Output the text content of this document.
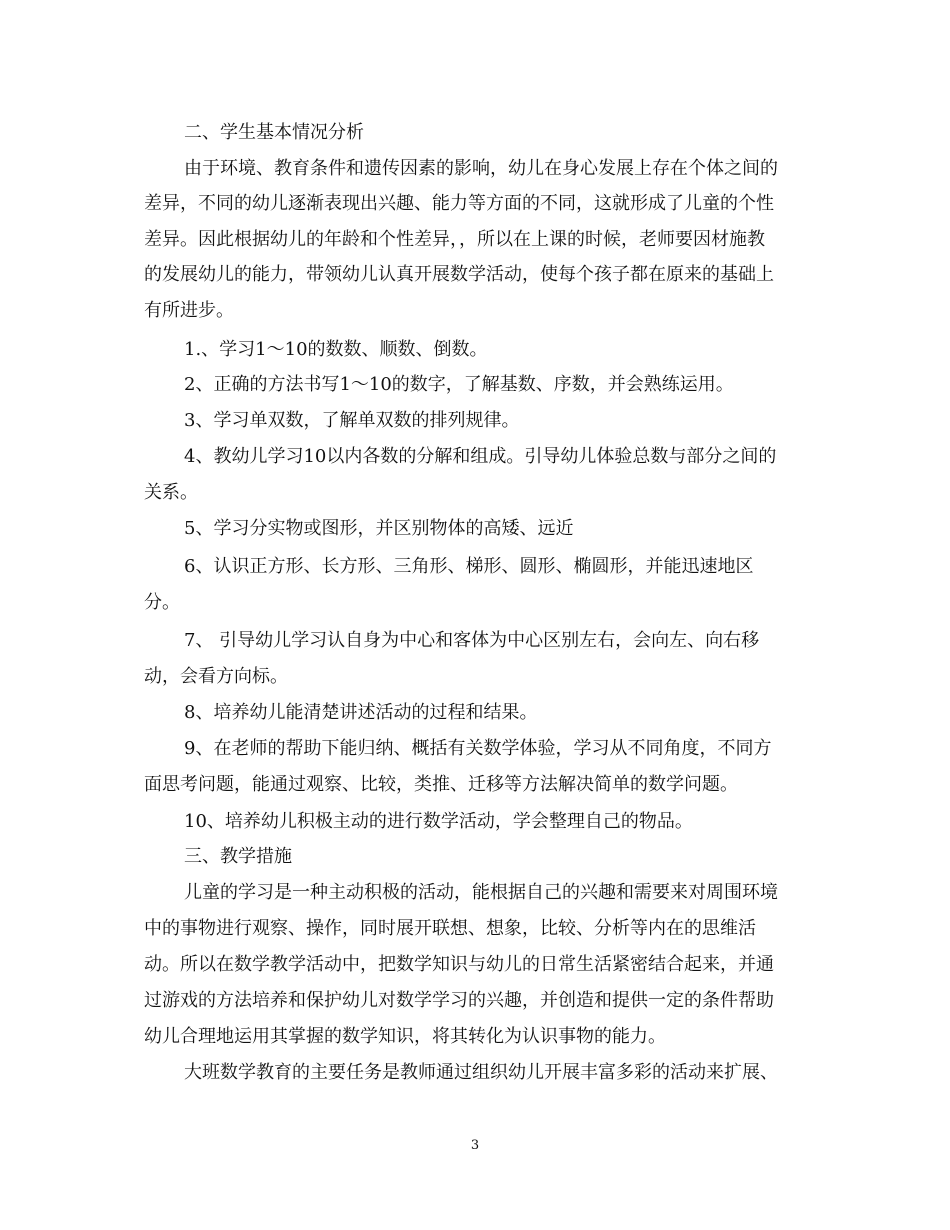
二、学生基本情况分析
由于环境、教育条件和遗传因素的影响，幼儿在身心发展上存在个体之间的
差异，不同的幼儿逐渐表现出兴趣、能力等方面的不同，这就形成了儿童的个性
差异。因此根据幼儿的年龄和个性差异，，所以在上课的时候，老师要因材施教
的发展幼儿的能力，带领幼儿认真开展数学活动，使每个孩子都在原来的基础上
有所进步。
1.、学习1～10的数数、顺数、倒数。
2、正确的方法书写1～10的数字，了解基数、序数，并会熟练运用。
3、学习单双数，了解单双数的排列规律。
4、教幼儿学习10以内各数的分解和组成。引导幼儿体验总数与部分之间的
关系。
5、学习分实物或图形，并区别物体的高矮、远近
6、认识正方形、长方形、三角形、梯形、圆形、椭圆形，并能迅速地区
分。
7、 引导幼儿学习认自身为中心和客体为中心区别左右，会向左、向右移
动，会看方向标。
8、培养幼儿能清楚讲述活动的过程和结果。
9、在老师的帮助下能归纳、概括有关数学体验，学习从不同角度，不同方
面思考问题，能通过观察、比较，类推、迁移等方法解决简单的数学问题。
10、培养幼儿积极主动的进行数学活动，学会整理自己的物品。
三、教学措施
儿童的学习是一种主动积极的活动，能根据自己的兴趣和需要来对周围环境
中的事物进行观察、操作，同时展开联想、想象，比较、分析等内在的思维活
动。所以在数学教学活动中，把数学知识与幼儿的日常生活紧密结合起来，并通
过游戏的方法培养和保护幼儿对数学学习的兴趣，并创造和提供一定的条件帮助
幼儿合理地运用其掌握的数学知识，将其转化为认识事物的能力。
大班数学教育的主要任务是教师通过组织幼儿开展丰富多彩的活动来扩展、
3
